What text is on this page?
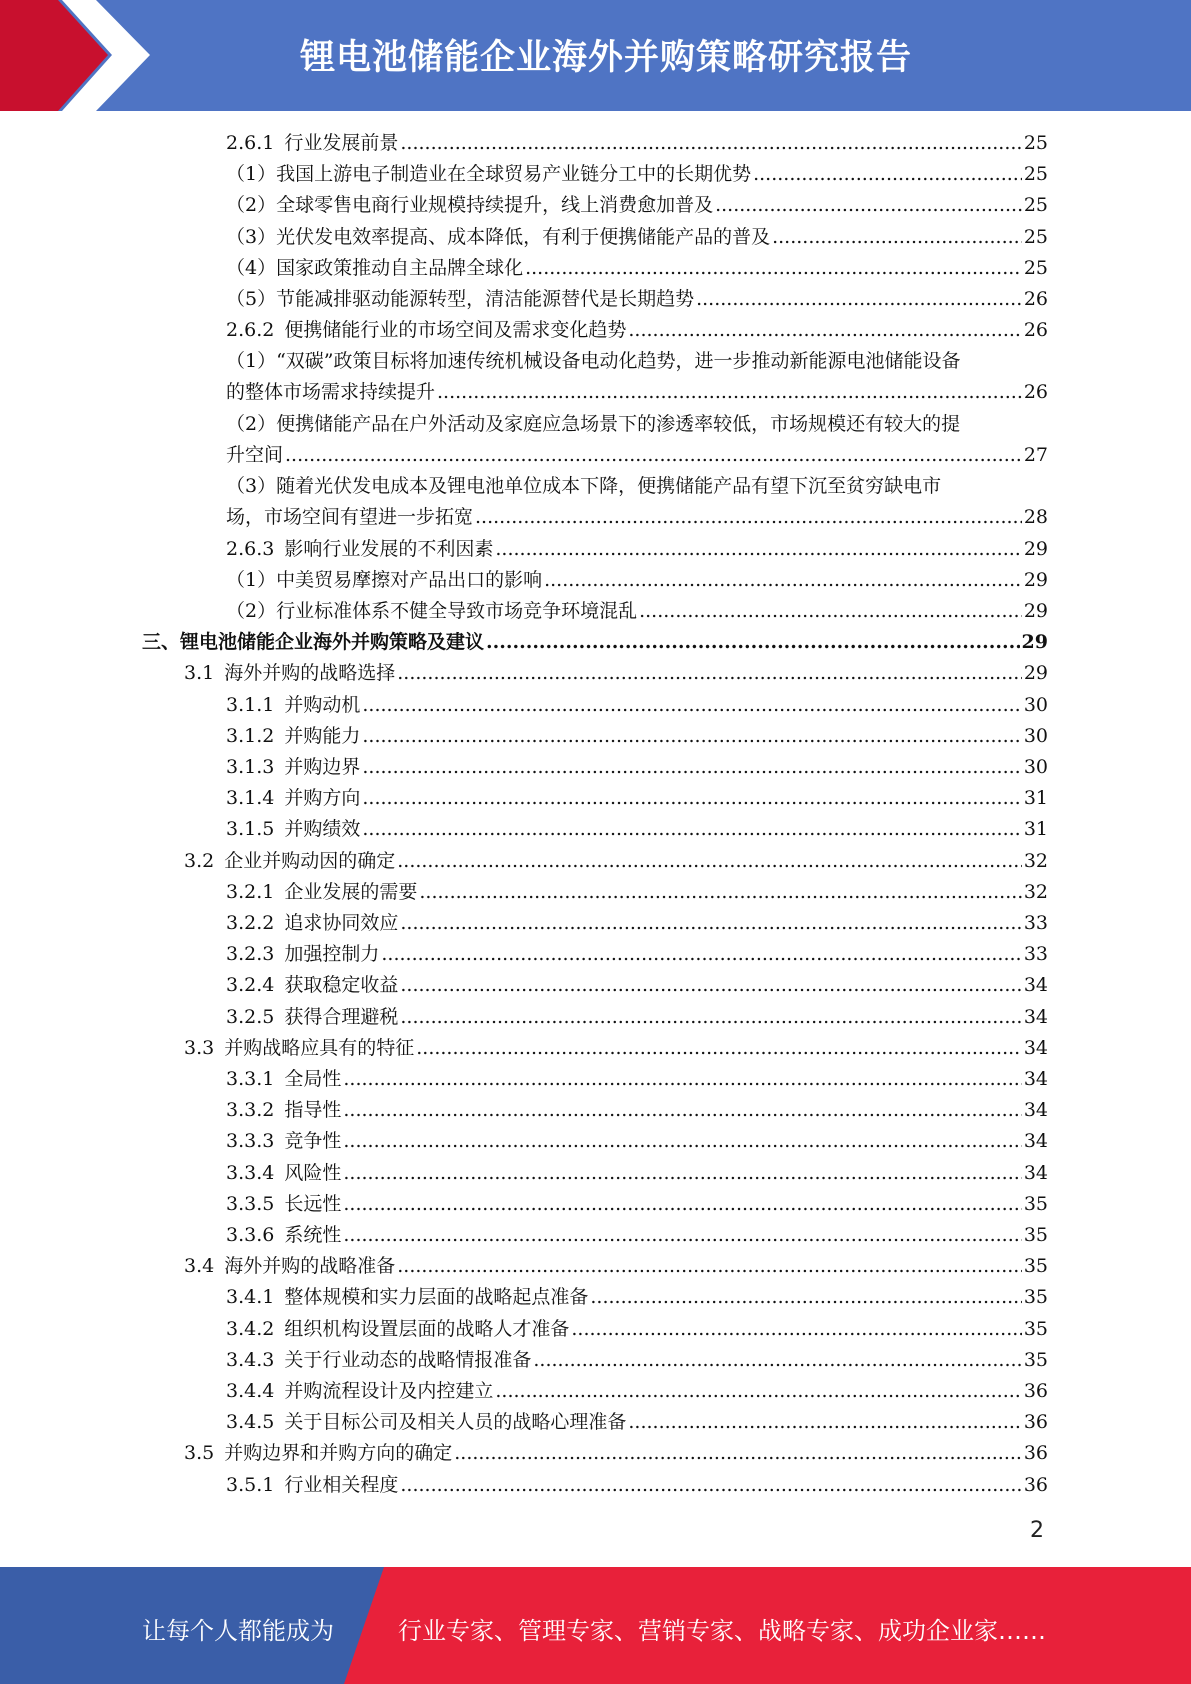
锂电池储能企业海外并购策略研究报告
2.6.1 行业发展前景 .....	25
（1）我国上游电子制造业在全球贸易产业链分工中的长期优势 .....	25
（2）全球零售电商行业规模持续提升，线上消费愈加普及 .....	25
（3）光伏发电效率提高、成本降低，有利于便携储能产品的普及 .....	25
（4）国家政策推动自主品牌全球化 .....	25
（5）节能减排驱动能源转型，清洁能源替代是长期趋势 .....	26
2.6.2 便携储能行业的市场空间及需求变化趋势 .....	26
（1）“双碳”政策目标将加速传统机械设备电动化趋势，进一步推动新能源电池储能设备
的整体市场需求持续提升 .....	26
（2）便携储能产品在户外活动及家庭应急场景下的渗透率较低，市场规模还有较大的提
升空间 .....	27
（3）随着光伏发电成本及锂电池单位成本下降，便携储能产品有望下沉至贫穷缺电市
场，市场空间有望进一步拓宽 .....	28
2.6.3 影响行业发展的不利因素 .....	29
（1）中美贸易摩擦对产品出口的影响 .....	29
（2）行业标准体系不健全导致市场竞争环境混乱 .....	29
三、锂电池储能企业海外并购策略及建议 .....	29
3.1 海外并购的战略选择 .....	29
3.1.1 并购动机 .....	30
3.1.2 并购能力 .....	30
3.1.3 并购边界 .....	30
3.1.4 并购方向 .....	31
3.1.5 并购绩效 .....	31
3.2 企业并购动因的确定 .....	32
3.2.1 企业发展的需要 .....	32
3.2.2 追求协同效应 .....	33
3.2.3 加强控制力 .....	33
3.2.4 获取稳定收益 .....	34
3.2.5 获得合理避税 .....	34
3.3 并购战略应具有的特征 .....	34
3.3.1 全局性 .....	34
3.3.2 指导性 .....	34
3.3.3 竞争性 .....	34
3.3.4 风险性 .....	34
3.3.5 长远性 .....	35
3.3.6 系统性 .....	35
3.4 海外并购的战略准备 .....	35
3.4.1 整体规模和实力层面的战略起点准备 .....	35
3.4.2 组织机构设置层面的战略人才准备 .....	35
3.4.3 关于行业动态的战略情报准备 .....	35
3.4.4 并购流程设计及内控建立 .....	36
3.4.5 关于目标公司及相关人员的战略心理准备 .....	36
3.5 并购边界和并购方向的确定 .....	36
3.5.1 行业相关程度 .....	36
2
让每个人都能成为	行业专家、管理专家、营销专家、战略专家、成功企业家……
